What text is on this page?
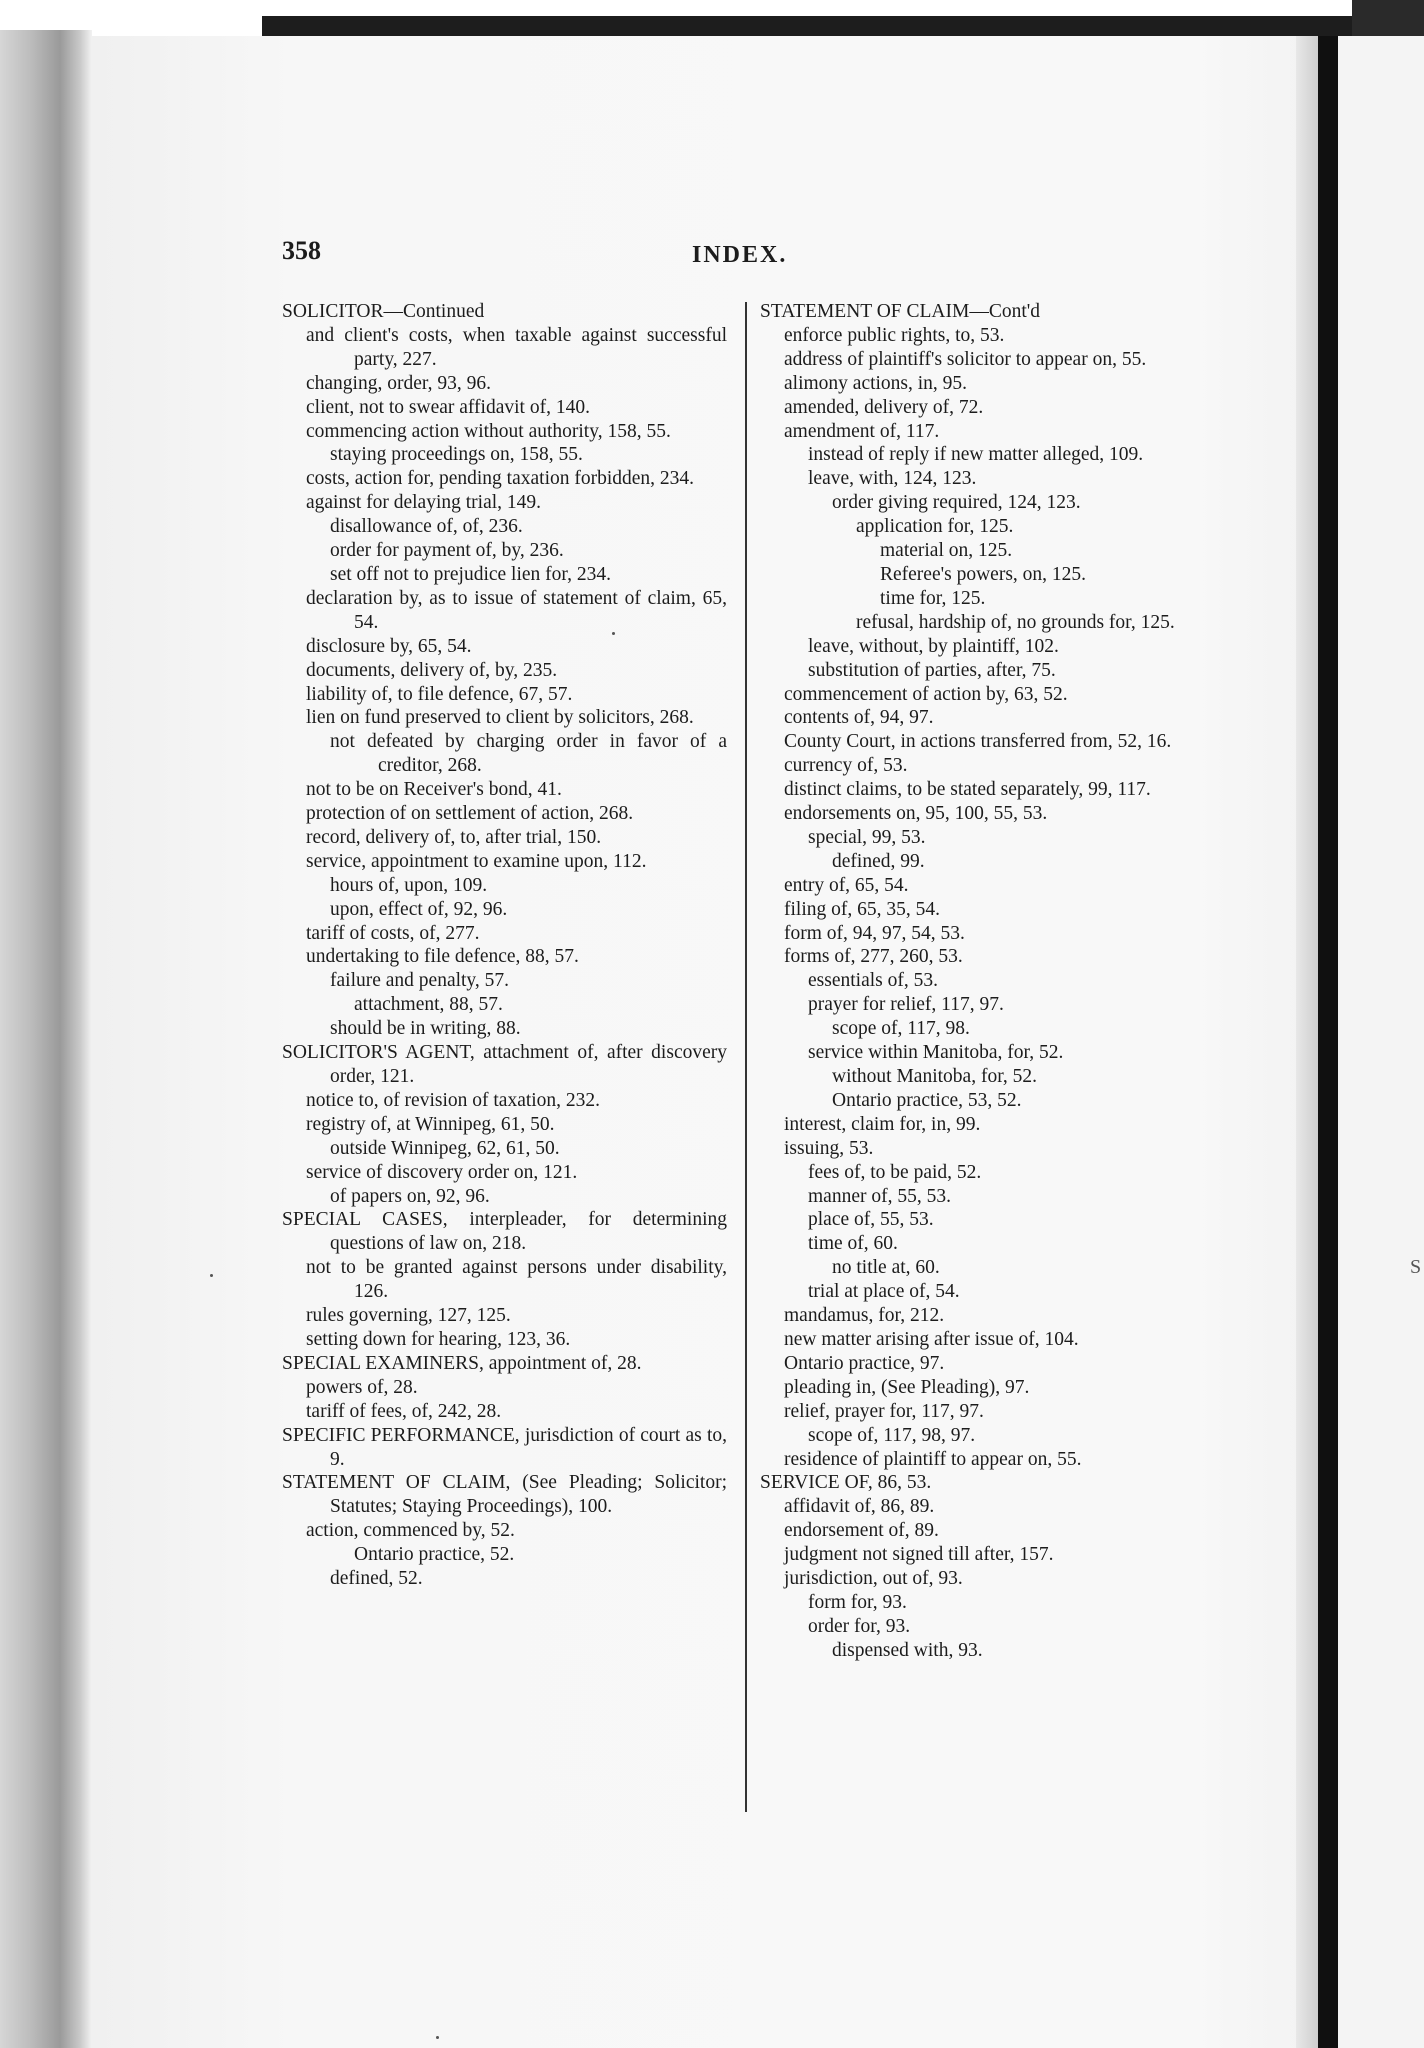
S
358	INDEX.
SOLICITOR—Continued
and client's costs, when taxable against successful party, 227.
changing, order, 93, 96.
client, not to swear affidavit of, 140.
commencing action without authority, 158, 55.
staying proceedings on, 158, 55.
costs, action for, pending taxation forbidden, 234.
against for delaying trial, 149.
disallowance of, of, 236.
order for payment of, by, 236.
set off not to prejudice lien for, 234.
declaration by, as to issue of statement of claim, 65, 54.
disclosure by, 65, 54.
documents, delivery of, by, 235.
liability of, to file defence, 67, 57.
lien on fund preserved to client by solicitors, 268.
not defeated by charging order in favor of a creditor, 268.
not to be on Receiver's bond, 41.
protection of on settlement of action, 268.
record, delivery of, to, after trial, 150.
service, appointment to examine upon, 112.
hours of, upon, 109.
upon, effect of, 92, 96.
tariff of costs, of, 277.
undertaking to file defence, 88, 57.
failure and penalty, 57.
attachment, 88, 57.
should be in writing, 88.
SOLICITOR'S AGENT, attachment of, after discovery order, 121.
notice to, of revision of taxation, 232.
registry of, at Winnipeg, 61, 50.
outside Winnipeg, 62, 61, 50.
service of discovery order on, 121.
of papers on, 92, 96.
SPECIAL CASES, interpleader, for determining questions of law on, 218.
not to be granted against persons under disability, 126.
rules governing, 127, 125.
setting down for hearing, 123, 36.
SPECIAL EXAMINERS, appointment of, 28.
powers of, 28.
tariff of fees, of, 242, 28.
SPECIFIC PERFORMANCE, jurisdiction of court as to, 9.
STATEMENT OF CLAIM, (See Pleading; Solicitor; Statutes; Staying Proceedings), 100.
action, commenced by, 52.
Ontario practice, 52.
defined, 52.
STATEMENT OF CLAIM—Cont'd
enforce public rights, to, 53.
address of plaintiff's solicitor to appear on, 55.
alimony actions, in, 95.
amended, delivery of, 72.
amendment of, 117.
instead of reply if new matter alleged, 109.
leave, with, 124, 123.
order giving required, 124, 123.
application for, 125.
material on, 125.
Referee's powers, on, 125.
time for, 125.
refusal, hardship of, no grounds for, 125.
leave, without, by plaintiff, 102.
substitution of parties, after, 75.
commencement of action by, 63, 52.
contents of, 94, 97.
County Court, in actions transferred from, 52, 16.
currency of, 53.
distinct claims, to be stated separately, 99, 117.
endorsements on, 95, 100, 55, 53.
special, 99, 53.
defined, 99.
entry of, 65, 54.
filing of, 65, 35, 54.
form of, 94, 97, 54, 53.
forms of, 277, 260, 53.
essentials of, 53.
prayer for relief, 117, 97.
scope of, 117, 98.
service within Manitoba, for, 52.
without Manitoba, for, 52.
Ontario practice, 53, 52.
interest, claim for, in, 99.
issuing, 53.
fees of, to be paid, 52.
manner of, 55, 53.
place of, 55, 53.
time of, 60.
no title at, 60.
trial at place of, 54.
mandamus, for, 212.
new matter arising after issue of, 104.
Ontario practice, 97.
pleading in, (See Pleading), 97.
relief, prayer for, 117, 97.
scope of, 117, 98, 97.
residence of plaintiff to appear on, 55.
SERVICE OF, 86, 53.
affidavit of, 86, 89.
endorsement of, 89.
judgment not signed till after, 157.
jurisdiction, out of, 93.
form for, 93.
order for, 93.
dispensed with, 93.
